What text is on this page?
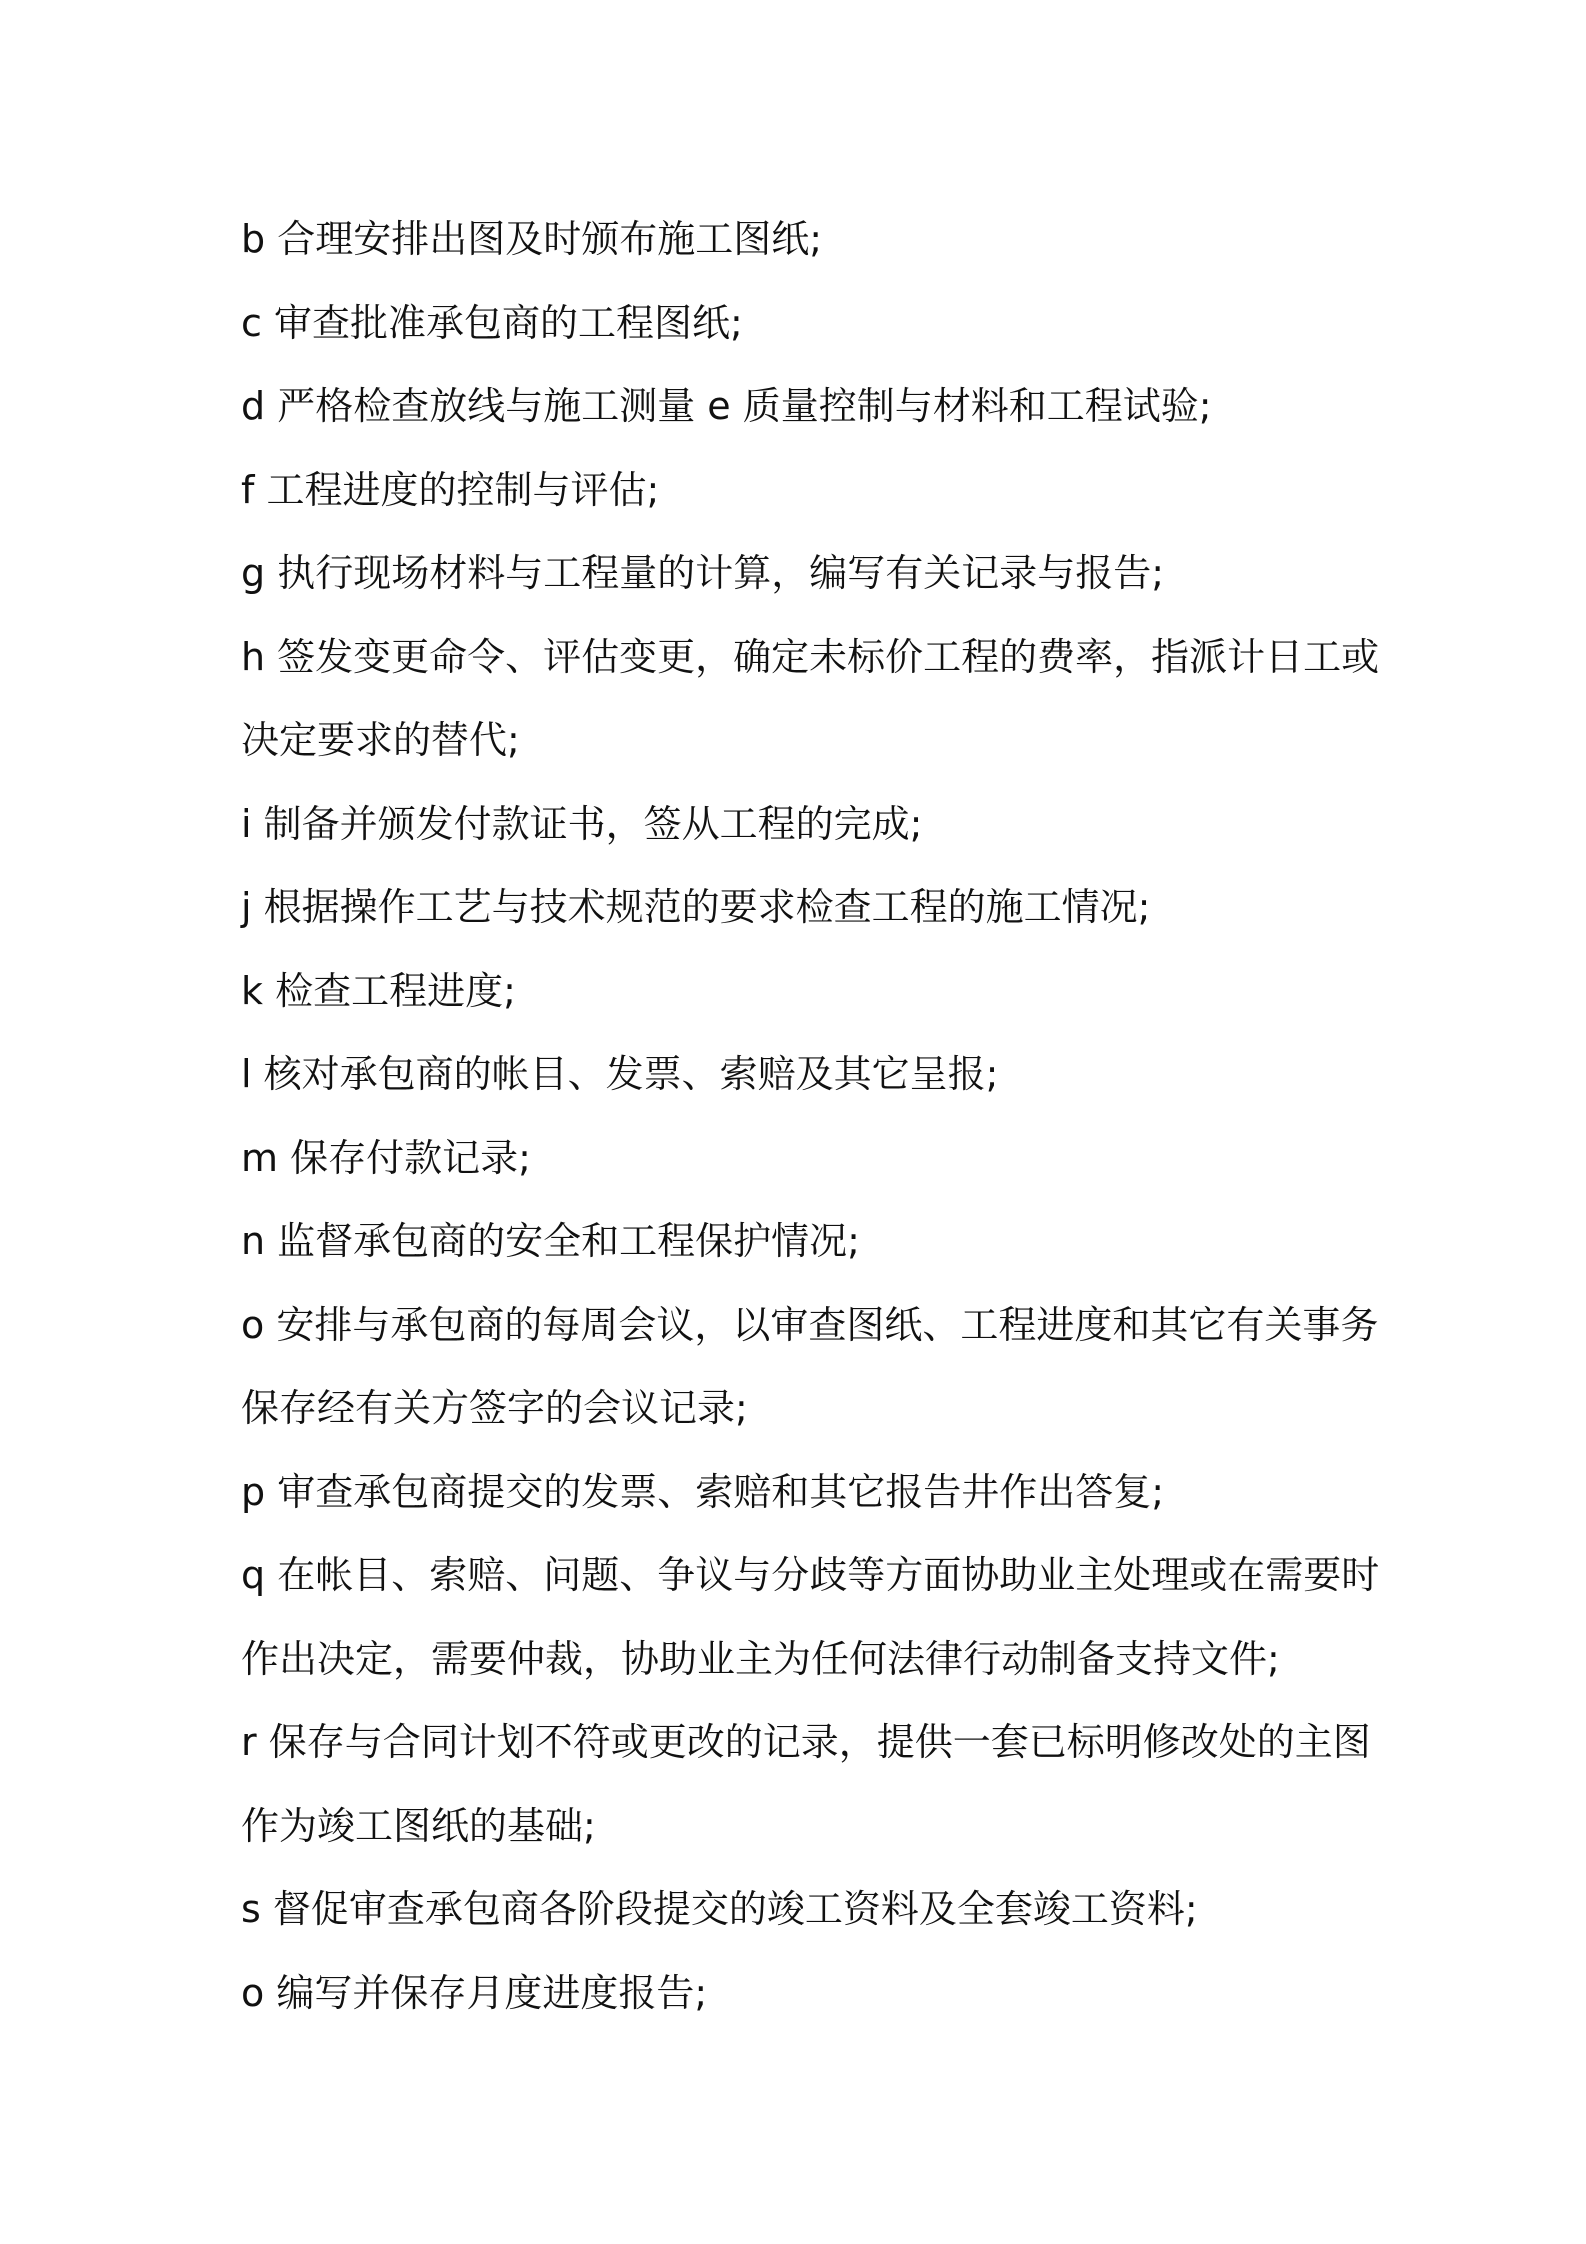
b 合理安排出图及时颁布施工图纸;
c 审查批准承包商的工程图纸;
d 严格检查放线与施工测量 e 质量控制与材料和工程试验;
f 工程进度的控制与评估;
g 执行现场材料与工程量的计算，编写有关记录与报告;
h 签发变更命令、评估变更，确定未标价工程的费率，指派计日工或
决定要求的替代;
i 制备并颁发付款证书，签从工程的完成;
j 根据操作工艺与技术规范的要求检查工程的施工情况;
k 检查工程进度;
l 核对承包商的帐目、发票、索赔及其它呈报;
m 保存付款记录;
n 监督承包商的安全和工程保护情况;
o 安排与承包商的每周会议，以审查图纸、工程进度和其它有关事务
保存经有关方签字的会议记录;
p 审查承包商提交的发票、索赔和其它报告井作出答复;
q 在帐目、索赔、问题、争议与分歧等方面协助业主处理或在需要时
作出决定，需要仲裁，协助业主为任何法律行动制备支持文件;
r 保存与合同计划不符或更改的记录，提供一套已标明修改处的主图
作为竣工图纸的基础;
s 督促审查承包商各阶段提交的竣工资料及全套竣工资料;
o 编写并保存月度进度报告;
